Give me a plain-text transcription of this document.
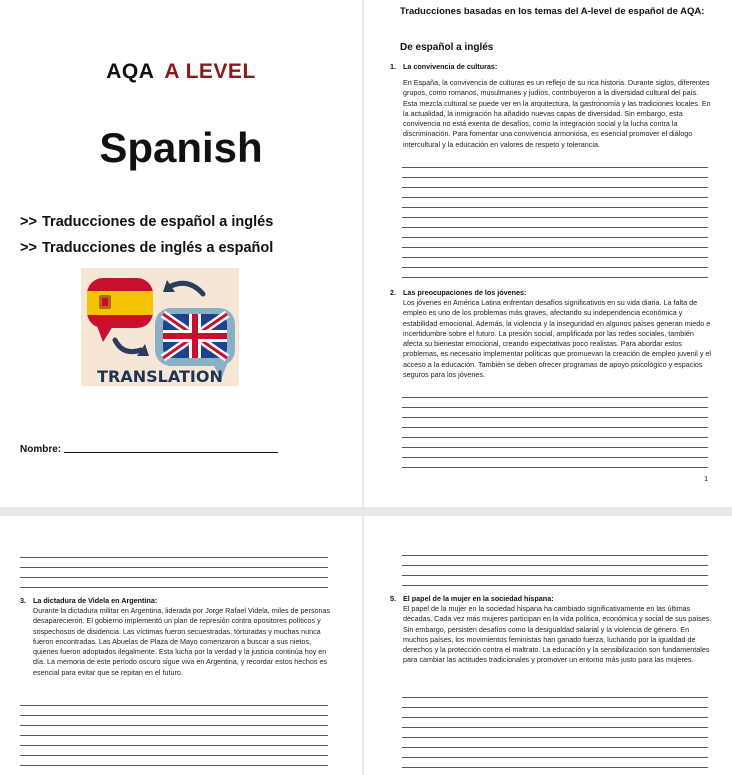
AQA A LEVEL
Spanish
>> Traducciones de español a inglés
>> Traducciones de inglés a español
TRANSLATION
Nombre:
Traducciones basadas en los temas del A-level de español de AQA:
De español a inglés
1. La convivencia de culturas:
En España, la convivencia de culturas es un reflejo de su rica historia. Durante siglos, diferentes grupos, como romanos, musulmanes y judíos, contribuyeron a la diversidad cultural del país. Esta mezcla cultural se puede ver en la arquitectura, la gastronomía y las tradiciones locales. En la actualidad, la inmigración ha añadido nuevas capas de diversidad. Sin embargo, esta convivencia no está exenta de desafíos, como la integración social y la lucha contra la discriminación. Para fomentar una convivencia armoniosa, es esencial promover el diálogo intercultural y la educación en valores de respeto y tolerancia.
2. Las preocupaciones de los jóvenes:
Los jóvenes en América Latina enfrentan desafíos significativos en su vida diaria. La falta de empleo es uno de los problemas más graves, afectando su independencia económica y estabilidad emocional. Además, la violencia y la inseguridad en algunos países generan miedo e incertidumbre sobre el futuro. La presión social, amplificada por las redes sociales, también afecta su bienestar emocional, creando expectativas poco realistas. Para abordar estos problemas, es necesario implementar políticas que promuevan la creación de empleo juvenil y el acceso a la educación. También se deben ofrecer programas de apoyo psicológico y espacios seguros para los jóvenes.
1
3. La dictadura de Videla en Argentina:
Durante la dictadura militar en Argentina, liderada por Jorge Rafael Videla, miles de personas desaparecieron. El gobierno implementó un plan de represión contra opositores políticos y sospechosos de disidencia. Las víctimas fueron secuestradas, torturadas y muchas nunca fueron encontradas. Las Abuelas de Plaza de Mayo comenzaron a buscar a sus nietos, quienes fueron adoptados ilegalmente. Esta lucha por la verdad y la justicia continúa hoy en día. La memoria de este período oscuro sigue viva en Argentina, y recordar estos hechos es esencial para evitar que se repitan en el futuro.
5. El papel de la mujer en la sociedad hispana:
El papel de la mujer en la sociedad hispana ha cambiado significativamente en las últimas décadas. Cada vez más mujeres participan en la vida política, económica y social de sus países. Sin embargo, persisten desafíos como la desigualdad salarial y la violencia de género. En muchos países, los movimientos feministas han ganado fuerza, luchando por la igualdad de derechos y la protección contra el maltrato. La educación y la sensibilización son fundamentales para cambiar las actitudes tradicionales y promover un entorno más justo para las mujeres.
